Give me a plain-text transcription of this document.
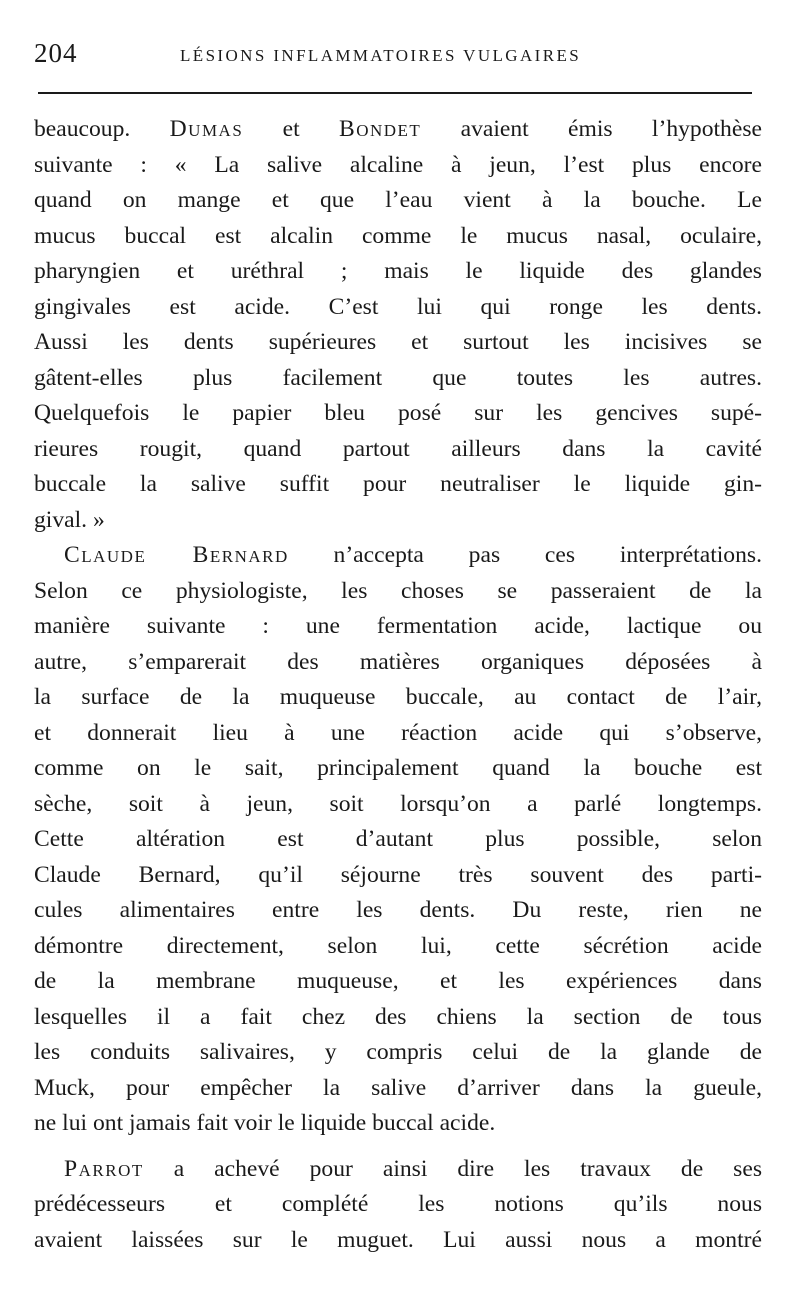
204	LÉSIONS INFLAMMATOIRES VULGAIRES
beaucoup. Dumas et Bondet avaient émis l’hypothèse
suivante : « La salive alcaline à jeun, l’est plus encore
quand on mange et que l’eau vient à la bouche. Le
mucus buccal est alcalin comme le mucus nasal, oculaire,
pharyngien et uréthral ; mais le liquide des glandes
gingivales est acide. C’est lui qui ronge les dents.
Aussi les dents supérieures et surtout les incisives se
gâtent-elles plus facilement que toutes les autres.
Quelquefois le papier bleu posé sur les gencives supé-
rieures rougit, quand partout ailleurs dans la cavité
buccale la salive suffit pour neutraliser le liquide gin-
gival. »
Claude Bernard n’accepta pas ces interprétations.
Selon ce physiologiste, les choses se passeraient de la
manière suivante : une fermentation acide, lactique ou
autre, s’emparerait des matières organiques déposées à
la surface de la muqueuse buccale, au contact de l’air,
et donnerait lieu à une réaction acide qui s’observe,
comme on le sait, principalement quand la bouche est
sèche, soit à jeun, soit lorsqu’on a parlé longtemps.
Cette altération est d’autant plus possible, selon
Claude Bernard, qu’il séjourne très souvent des parti-
cules alimentaires entre les dents. Du reste, rien ne
démontre directement, selon lui, cette sécrétion acide
de la membrane muqueuse, et les expériences dans
lesquelles il a fait chez des chiens la section de tous
les conduits salivaires, y compris celui de la glande de
Muck, pour empêcher la salive d’arriver dans la gueule,
ne lui ont jamais fait voir le liquide buccal acide.
Parrot a achevé pour ainsi dire les travaux de ses
prédécesseurs et complété les notions qu’ils nous
avaient laissées sur le muguet. Lui aussi nous a montré
